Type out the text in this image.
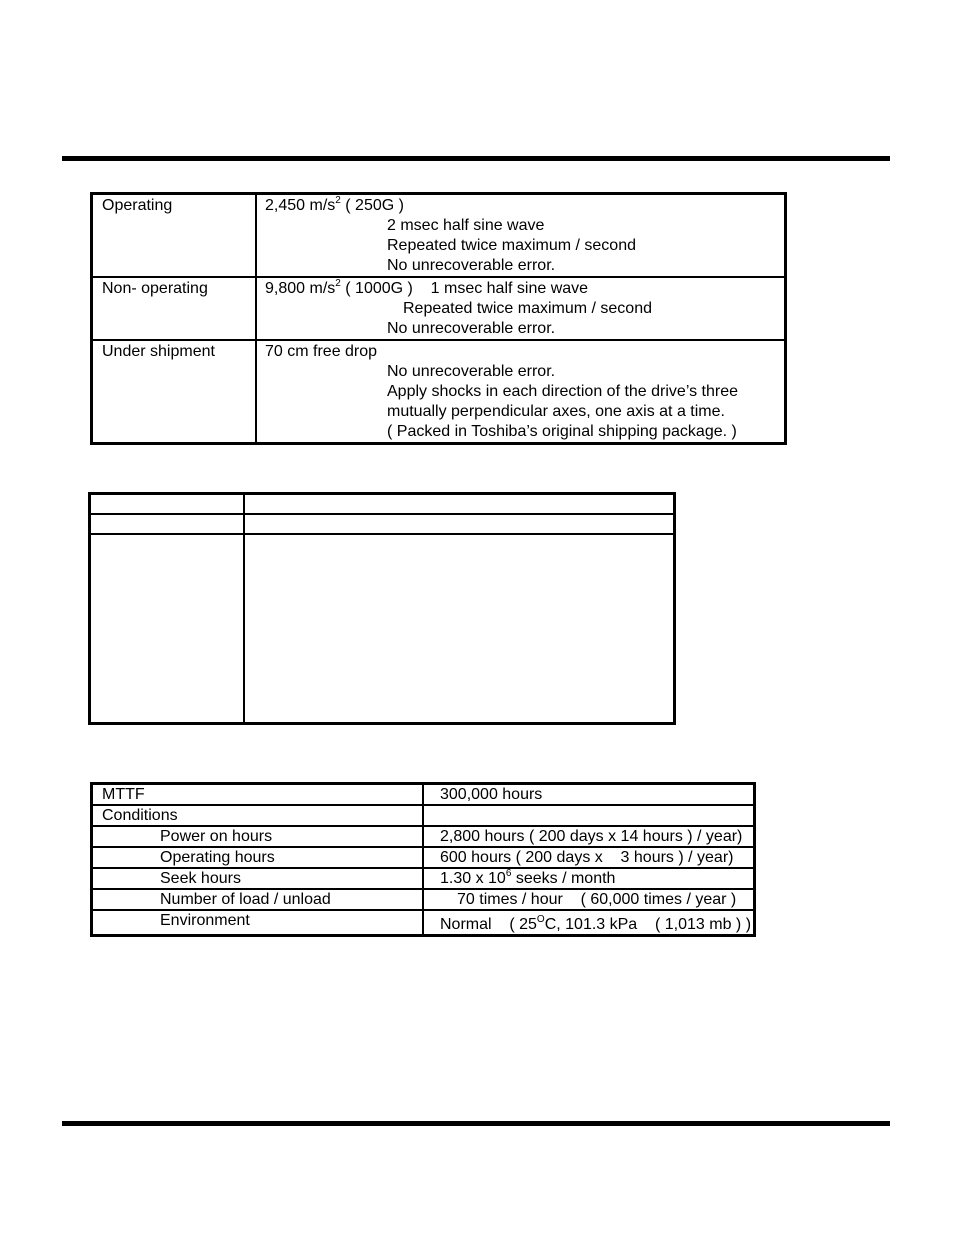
Operating	2,450 $m/s^2$ ( 250G )
2 msec half sine wave
Repeated twice maximum / second
No unrecoverable error.

Non- operating	9,800 $m/s^2$ ( 1000G )    1 msec half sine wave
Repeated twice maximum / second
No unrecoverable error.

Under shipment	70 cm free drop
No unrecoverable error.
Apply shocks in each direction of the drive’s three
mutually perpendicular axes, one axis at a time.
( Packed in Toshiba’s original shipping package. )

MTTF	300,000 hours
Conditions	
Power on hours	2,800 hours ( 200 days x 14 hours ) / year)
Operating hours	600 hours ( 200 days x    3 hours ) / year)
Seek hours	1.30 x $10^6$ seeks / month
Number of load / unload	70 times / hour    ( 60,000 times / year )
Environment	Normal    ( $25^OC$, 101.3 kPa    ( 1,013 mb ) )
